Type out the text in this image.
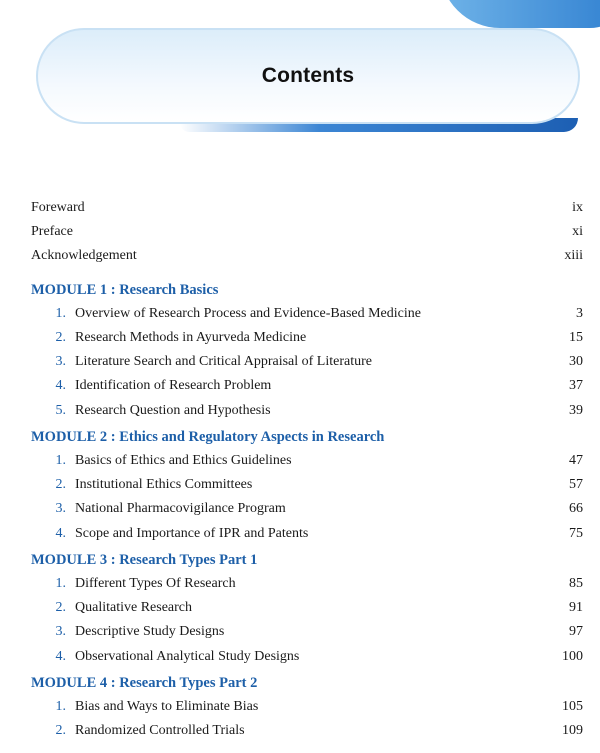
Contents
Foreward	ix
Preface	xi
Acknowledgement	xiii
MODULE 1 : Research Basics
1. Overview of Research Process and Evidence-Based Medicine	3
2. Research Methods in Ayurveda Medicine	15
3. Literature Search and Critical Appraisal of Literature	30
4. Identification of Research Problem	37
5. Research Question and Hypothesis	39
MODULE 2 : Ethics and Regulatory Aspects in Research
1. Basics of Ethics and Ethics Guidelines	47
2. Institutional Ethics Committees	57
3. National Pharmacovigilance Program	66
4. Scope and Importance of IPR and Patents	75
MODULE 3 : Research Types Part 1
1. Different Types Of Research	85
2. Qualitative Research	91
3. Descriptive Study Designs	97
4. Observational Analytical Study Designs	100
MODULE 4 : Research Types Part 2
1. Bias and Ways to Eliminate Bias	105
2. Randomized Controlled Trials	109
